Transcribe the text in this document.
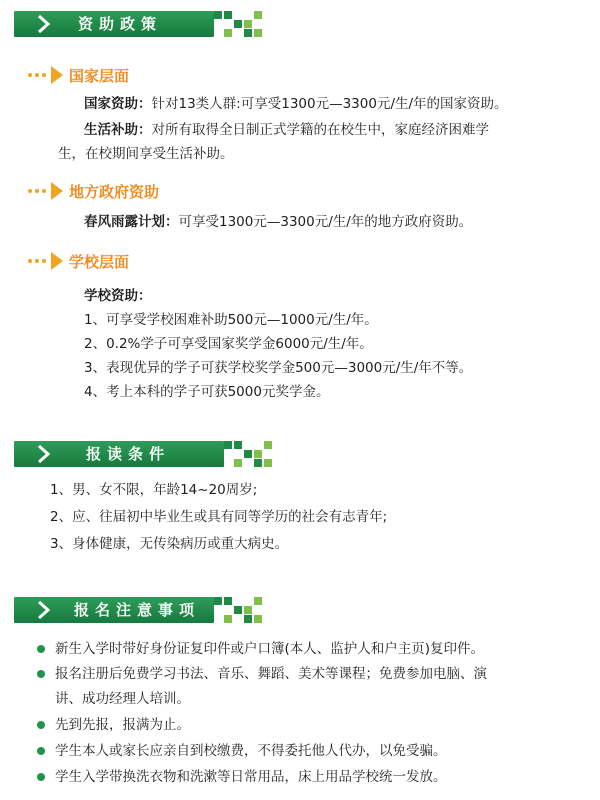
资助政策
国家层面
国家资助：针对13类人群:可享受1300元—3300元/生/年的国家资助。
生活补助：对所有取得全日制正式学籍的在校生中，家庭经济困难学
生，在校期间享受生活补助。
地方政府资助
春风雨露计划：可享受1300元—3300元/生/年的地方政府资助。
学校层面
学校资助：
1、可享受学校困难补助500元—1000元/生/年。
2、0.2%学子可享受国家奖学金6000元/生/年。
3、表现优异的学子可获学校奖学金500元—3000元/生/年不等。
4、考上本科的学子可获5000元奖学金。
报读条件
1、男、女不限，年龄14~20周岁;
2、应、往届初中毕业生或具有同等学历的社会有志青年;
3、身体健康，无传染病历或重大病史。
报名注意事项
新生入学时带好身份证复印件或户口簿(本人、监护人和户主页)复印件。
报名注册后免费学习书法、音乐、舞蹈、美术等课程；免费参加电脑、演
讲、成功经理人培训。
先到先报，报满为止。
学生本人或家长应亲自到校缴费，不得委托他人代办，以免受骗。
学生入学带换洗衣物和洗漱等日常用品，床上用品学校统一发放。
